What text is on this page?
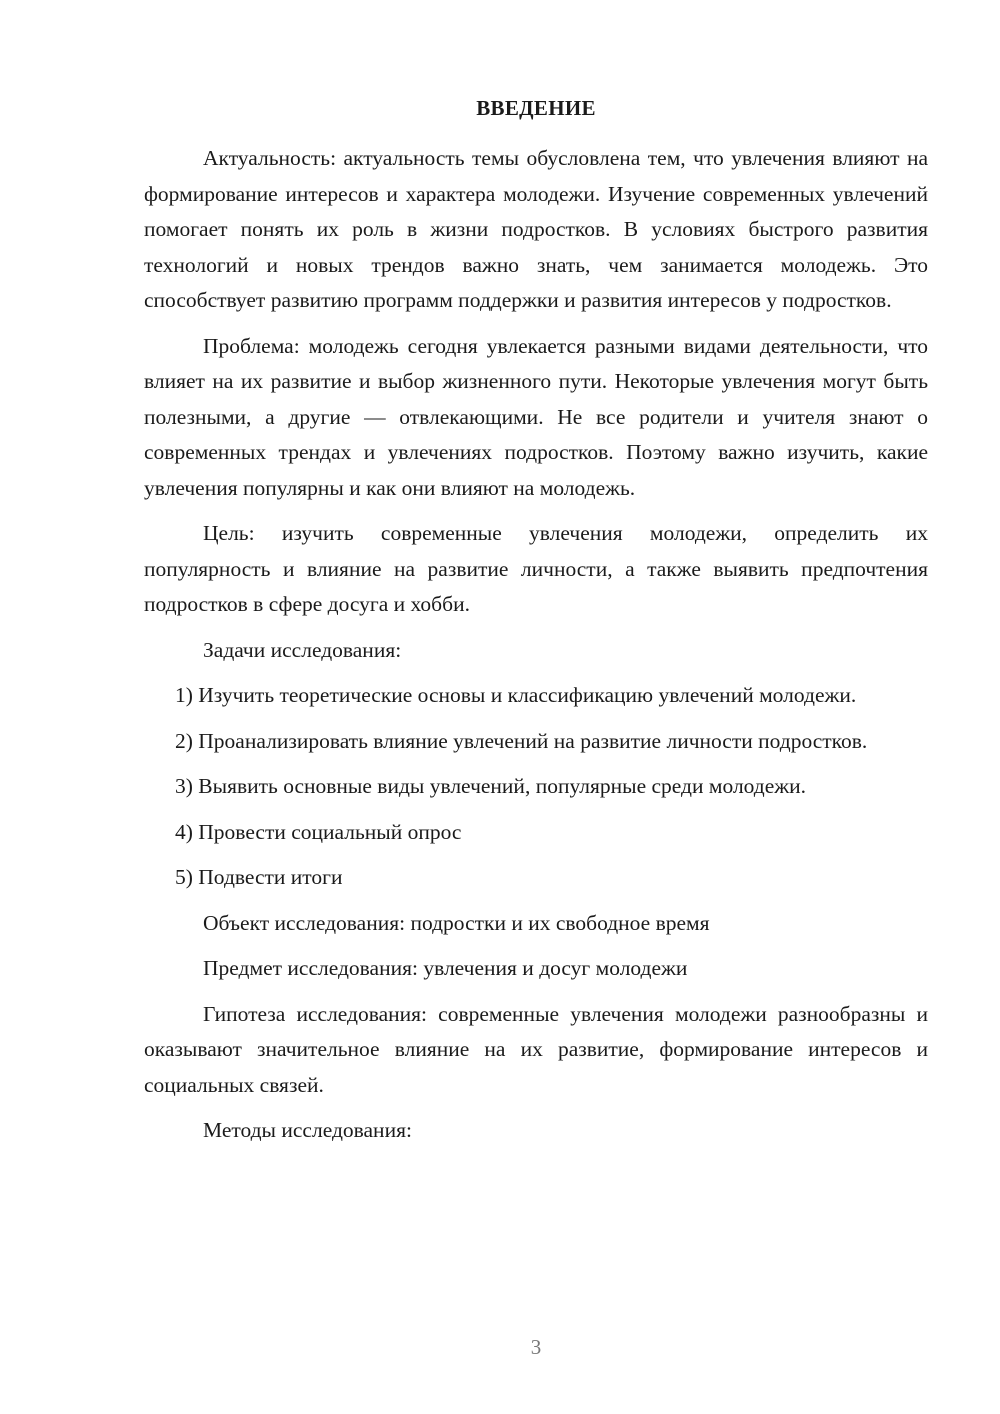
ВВЕДЕНИЕ

Актуальность: актуальность темы обусловлена тем, что увлечения влияют на формирование интересов и характера молодежи. Изучение современных увлечений помогает понять их роль в жизни подростков. В условиях быстрого развития технологий и новых трендов важно знать, чем занимается молодежь. Это способствует развитию программ поддержки и развития интересов у подростков.

Проблема: молодежь сегодня увлекается разными видами деятельности, что влияет на их развитие и выбор жизненного пути. Некоторые увлечения могут быть полезными, а другие — отвлекающими. Не все родители и учителя знают о современных трендах и увлечениях подростков. Поэтому важно изучить, какие увлечения популярны и как они влияют на молодежь.

Цель: изучить современные увлечения молодежи, определить их популярность и влияние на развитие личности, а также выявить предпочтения подростков в сфере досуга и хобби.

Задачи исследования:

1) Изучить теоретические основы и классификацию увлечений молодежи.

2) Проанализировать влияние увлечений на развитие личности подростков.

3) Выявить основные виды увлечений, популярные среди молодежи.

4) Провести социальный опрос

5) Подвести итоги

Объект исследования: подростки и их свободное время

Предмет исследования: увлечения и досуг молодежи

Гипотеза исследования: современные увлечения молодежи разнообразны и оказывают значительное влияние на их развитие, формирование интересов и социальных связей.

Методы исследования:

3
